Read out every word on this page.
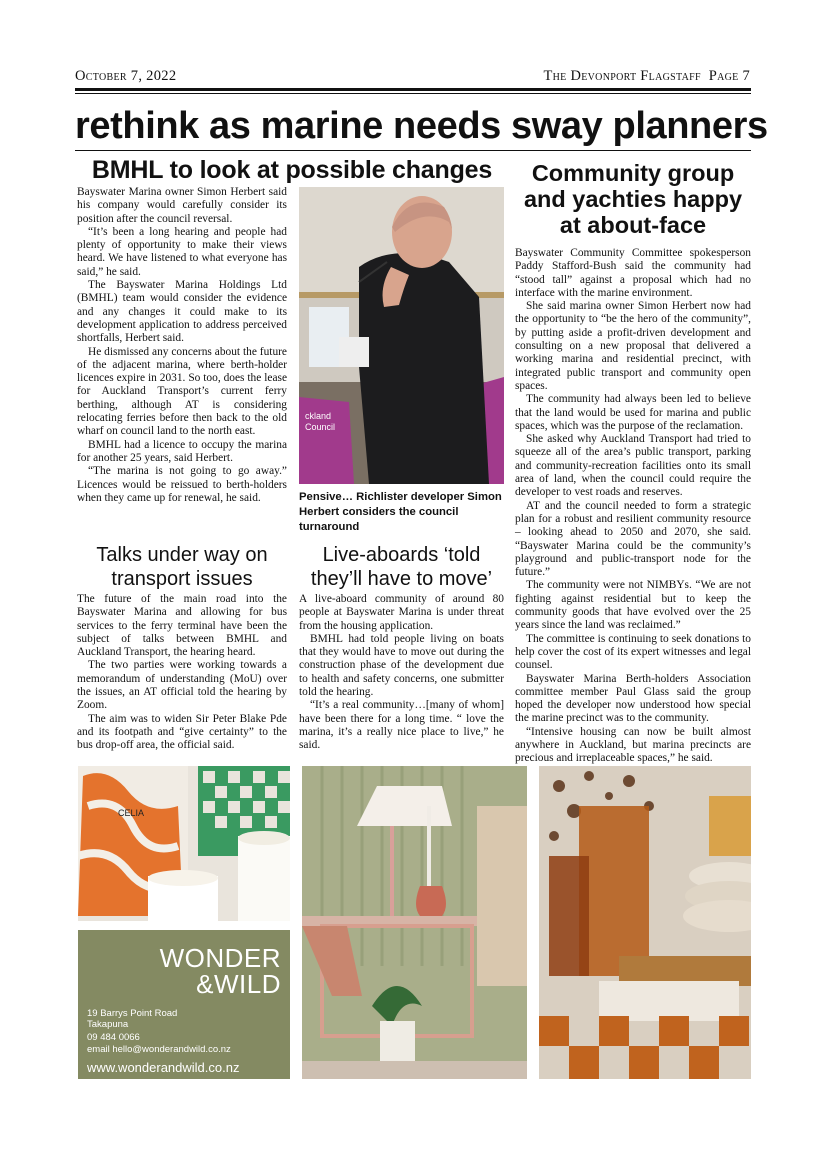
October 7, 2022	The Devonport Flagstaff Page 7
rethink as marine needs sway planners
BMHL to look at possible changes

Bayswater Marina owner Simon Herbert said his company would carefully consider its position after the council reversal.

“It’s been a long hearing and people had plenty of opportunity to make their views heard. We have listened to what everyone has said,” he said.

The Bayswater Marina Holdings Ltd (BMHL) team would consider the evidence and any changes it could make to its development application to address perceived shortfalls, Herbert said.

He dismissed any concerns about the future of the adjacent marina, where berth-holder licences expire in 2031. So too, does the lease for Auckland Transport’s current ferry berthing, although AT is considering relocating ferries before then back to the old wharf on council land to the north east.

BMHL had a licence to occupy the marina for another 25 years, said Herbert.

“The marina is not going to go away.” Licences would be reissued to berth-holders when they came up for renewal, he said.

ckland
Council
Pensive… Richlister developer Simon Herbert considers the council turnaround
Talks under way on transport issues

The future of the main road into the Bayswater Marina and allowing for bus services to the ferry terminal have been the subject of talks between BMHL and Auckland Transport, the hearing heard.

The two parties were working towards a memorandum of understanding (MoU) over the issues, an AT official told the hearing by Zoom.

The aim was to widen Sir Peter Blake Pde and its footpath and “give certainty” to the bus drop-off area, the official said.

Live-aboards ‘told they’ll have to move’

A live-aboard community of around 80 people at Bayswater Marina is under threat from the housing application.

BMHL had told people living on boats that they would have to move out during the construction phase of the development due to health and safety concerns, one submitter told the hearing.

“It’s a real community…[many of whom] have been there for a long time. “ love the marina, it’s a really nice place to live,” he said.

Community group and yachties happy at about-face

Bayswater Community Committee spokesperson Paddy Stafford-Bush said the community had “stood tall” against a proposal which had no interface with the marine environment.

She said marina owner Simon Herbert now had the opportunity to “be the hero of the community”, by putting aside a profit-driven development and consulting on a new proposal that delivered a working marina and residential precinct, with integrated public transport and community open spaces.

The community had always been led to believe that the land would be used for marina and public spaces, which was the purpose of the reclamation.

She asked why Auckland Transport had tried to squeeze all of the area’s public transport, parking and community-recreation facilities onto its small area of land, when the council could require the developer to vest roads and reserves.

AT and the council needed to form a strategic plan for a robust and resilient community resource – looking ahead to 2050 and 2070, she said. “Bayswater Marina could be the community’s playground and public-transport node for the future.”

The community were not NIMBYs. “We are not fighting against residential but to keep the community goods that have evolved over the 25 years since the land was reclaimed.”

The committee is continuing to seek donations to help cover the cost of its expert witnesses and legal counsel.

Bayswater Marina Berth-holders Association committee member Paul Glass said the group hoped the developer now understood how special the marine precinct was to the community.

“Intensive housing can now be built almost anywhere in Auckland, but marina precincts are precious and irreplaceable spaces,” he said.

CELIA
WONDER
&WILD
19 Barrys Point Road
Takapuna
09 484 0066
email hello@wonderandwild.co.nz
www.wonderandwild.co.nz
